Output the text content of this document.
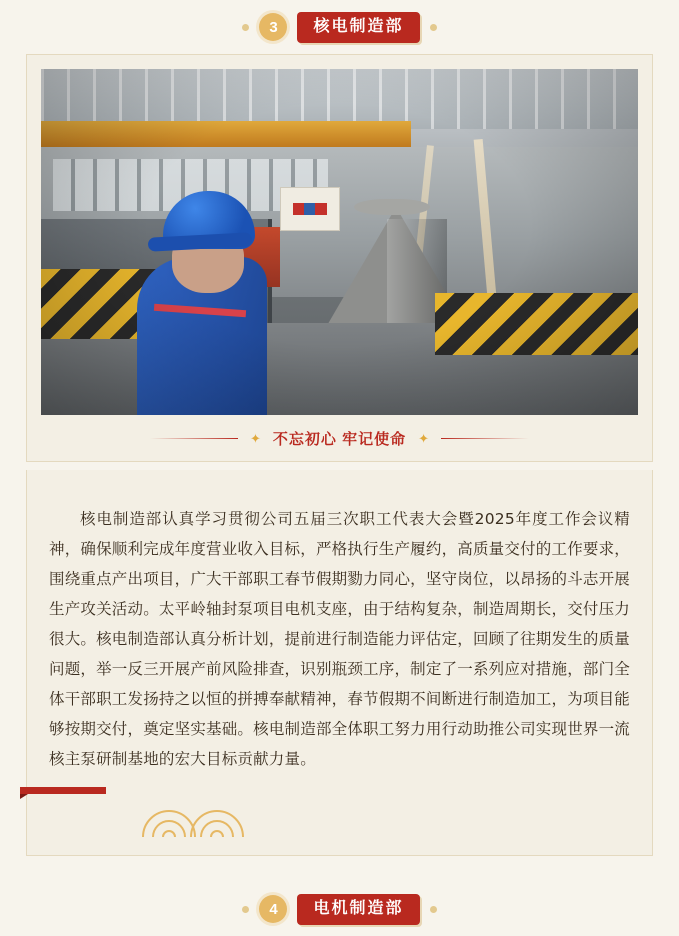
3	核电制造部
✦ 不忘初心 牢记使命 ✦

核电制造部认真学习贯彻公司五届三次职工代表大会暨2025年度工作会议精神，确保顺利完成年度营业收入目标，严格执行生产履约，高质量交付的工作要求，围绕重点产出项目，广大干部职工春节假期勠力同心，坚守岗位，以昂扬的斗志开展生产攻关活动。太平岭轴封泵项目电机支座，由于结构复杂，制造周期长，交付压力很大。核电制造部认真分析计划，提前进行制造能力评估定，回顾了往期发生的质量问题，举一反三开展产前风险排查，识别瓶颈工序，制定了一系列应对措施，部门全体干部职工发扬持之以恒的拼搏奉献精神，春节假期不间断进行制造加工，为项目能够按期交付，奠定坚实基础。核电制造部全体职工努力用行动助推公司实现世界一流核主泵研制基地的宏大目标贡献力量。

4	电机制造部
